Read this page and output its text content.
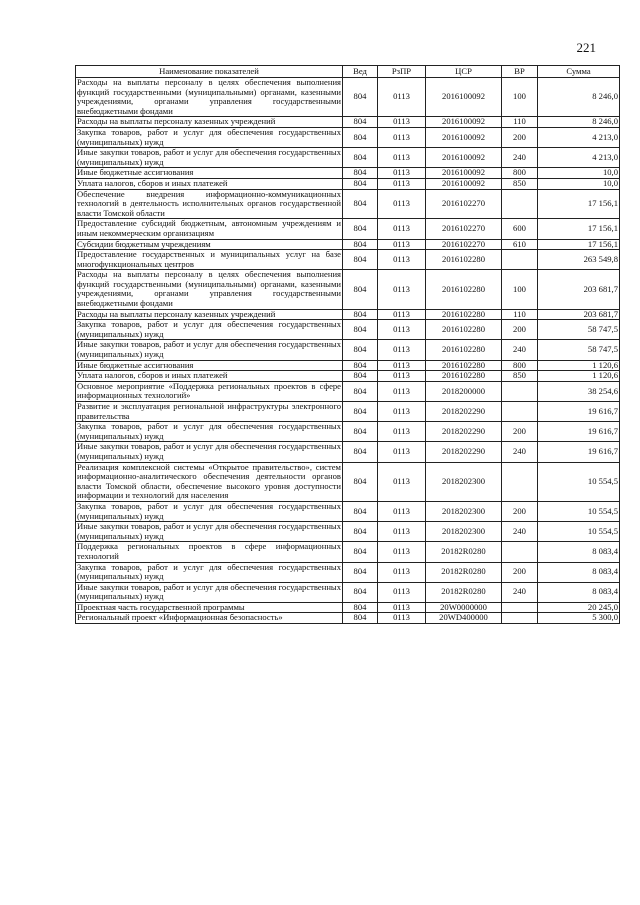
221
Наименование показателей	Вед	РзПР	ЦСР	ВР	Сумма
Расходы на выплаты персоналу в целях обеспечения выполнения функций государственными (муниципальными) органами, казенными учреждениями, органами управления государственными внебюджетными фондами	804	0113	2016100092	100	8 246,0
Расходы на выплаты персоналу казенных учреждений	804	0113	2016100092	110	8 246,0
Закупка товаров, работ и услуг для обеспечения государственных (муниципальных) нужд	804	0113	2016100092	200	4 213,0
Иные закупки товаров, работ и услуг для обеспечения государственных (муниципальных) нужд	804	0113	2016100092	240	4 213,0
Иные бюджетные ассигнования	804	0113	2016100092	800	10,0
Уплата налогов, сборов и иных платежей	804	0113	2016100092	850	10,0
Обеспечение внедрения информационно-коммуникационных технологий в деятельность исполнительных органов государственной власти Томской области	804	0113	2016102270		17 156,1
Предоставление субсидий бюджетным, автономным учреждениям и иным некоммерческим организациям	804	0113	2016102270	600	17 156,1
Субсидии бюджетным учреждениям	804	0113	2016102270	610	17 156,1
Предоставление государственных и муниципальных услуг на базе многофункциональных центров	804	0113	2016102280		263 549,8
Расходы на выплаты персоналу в целях обеспечения выполнения функций государственными (муниципальными) органами, казенными учреждениями, органами управления государственными внебюджетными фондами	804	0113	2016102280	100	203 681,7
Расходы на выплаты персоналу казенных учреждений	804	0113	2016102280	110	203 681,7
Закупка товаров, работ и услуг для обеспечения государственных (муниципальных) нужд	804	0113	2016102280	200	58 747,5
Иные закупки товаров, работ и услуг для обеспечения государственных (муниципальных) нужд	804	0113	2016102280	240	58 747,5
Иные бюджетные ассигнования	804	0113	2016102280	800	1 120,6
Уплата налогов, сборов и иных платежей	804	0113	2016102280	850	1 120,6
Основное мероприятие «Поддержка региональных проектов в сфере информационных технологий»	804	0113	2018200000		38 254,6
Развитие и эксплуатация региональной инфраструктуры электронного правительства	804	0113	2018202290		19 616,7
Закупка товаров, работ и услуг для обеспечения государственных (муниципальных) нужд	804	0113	2018202290	200	19 616,7
Иные закупки товаров, работ и услуг для обеспечения государственных (муниципальных) нужд	804	0113	2018202290	240	19 616,7
Реализация комплексной системы «Открытое правительство», систем информационно-аналитического обеспечения деятельности органов власти Томской области, обеспечение высокого уровня доступности информации и технологий для населения	804	0113	2018202300		10 554,5
Закупка товаров, работ и услуг для обеспечения государственных (муниципальных) нужд	804	0113	2018202300	200	10 554,5
Иные закупки товаров, работ и услуг для обеспечения государственных (муниципальных) нужд	804	0113	2018202300	240	10 554,5
Поддержка региональных проектов в сфере информационных технологий	804	0113	20182R0280		8 083,4
Закупка товаров, работ и услуг для обеспечения государственных (муниципальных) нужд	804	0113	20182R0280	200	8 083,4
Иные закупки товаров, работ и услуг для обеспечения государственных (муниципальных) нужд	804	0113	20182R0280	240	8 083,4
Проектная часть государственной программы	804	0113	20W0000000		20 245,0
Региональный проект «Информационная безопасность»	804	0113	20WD400000		5 300,0
